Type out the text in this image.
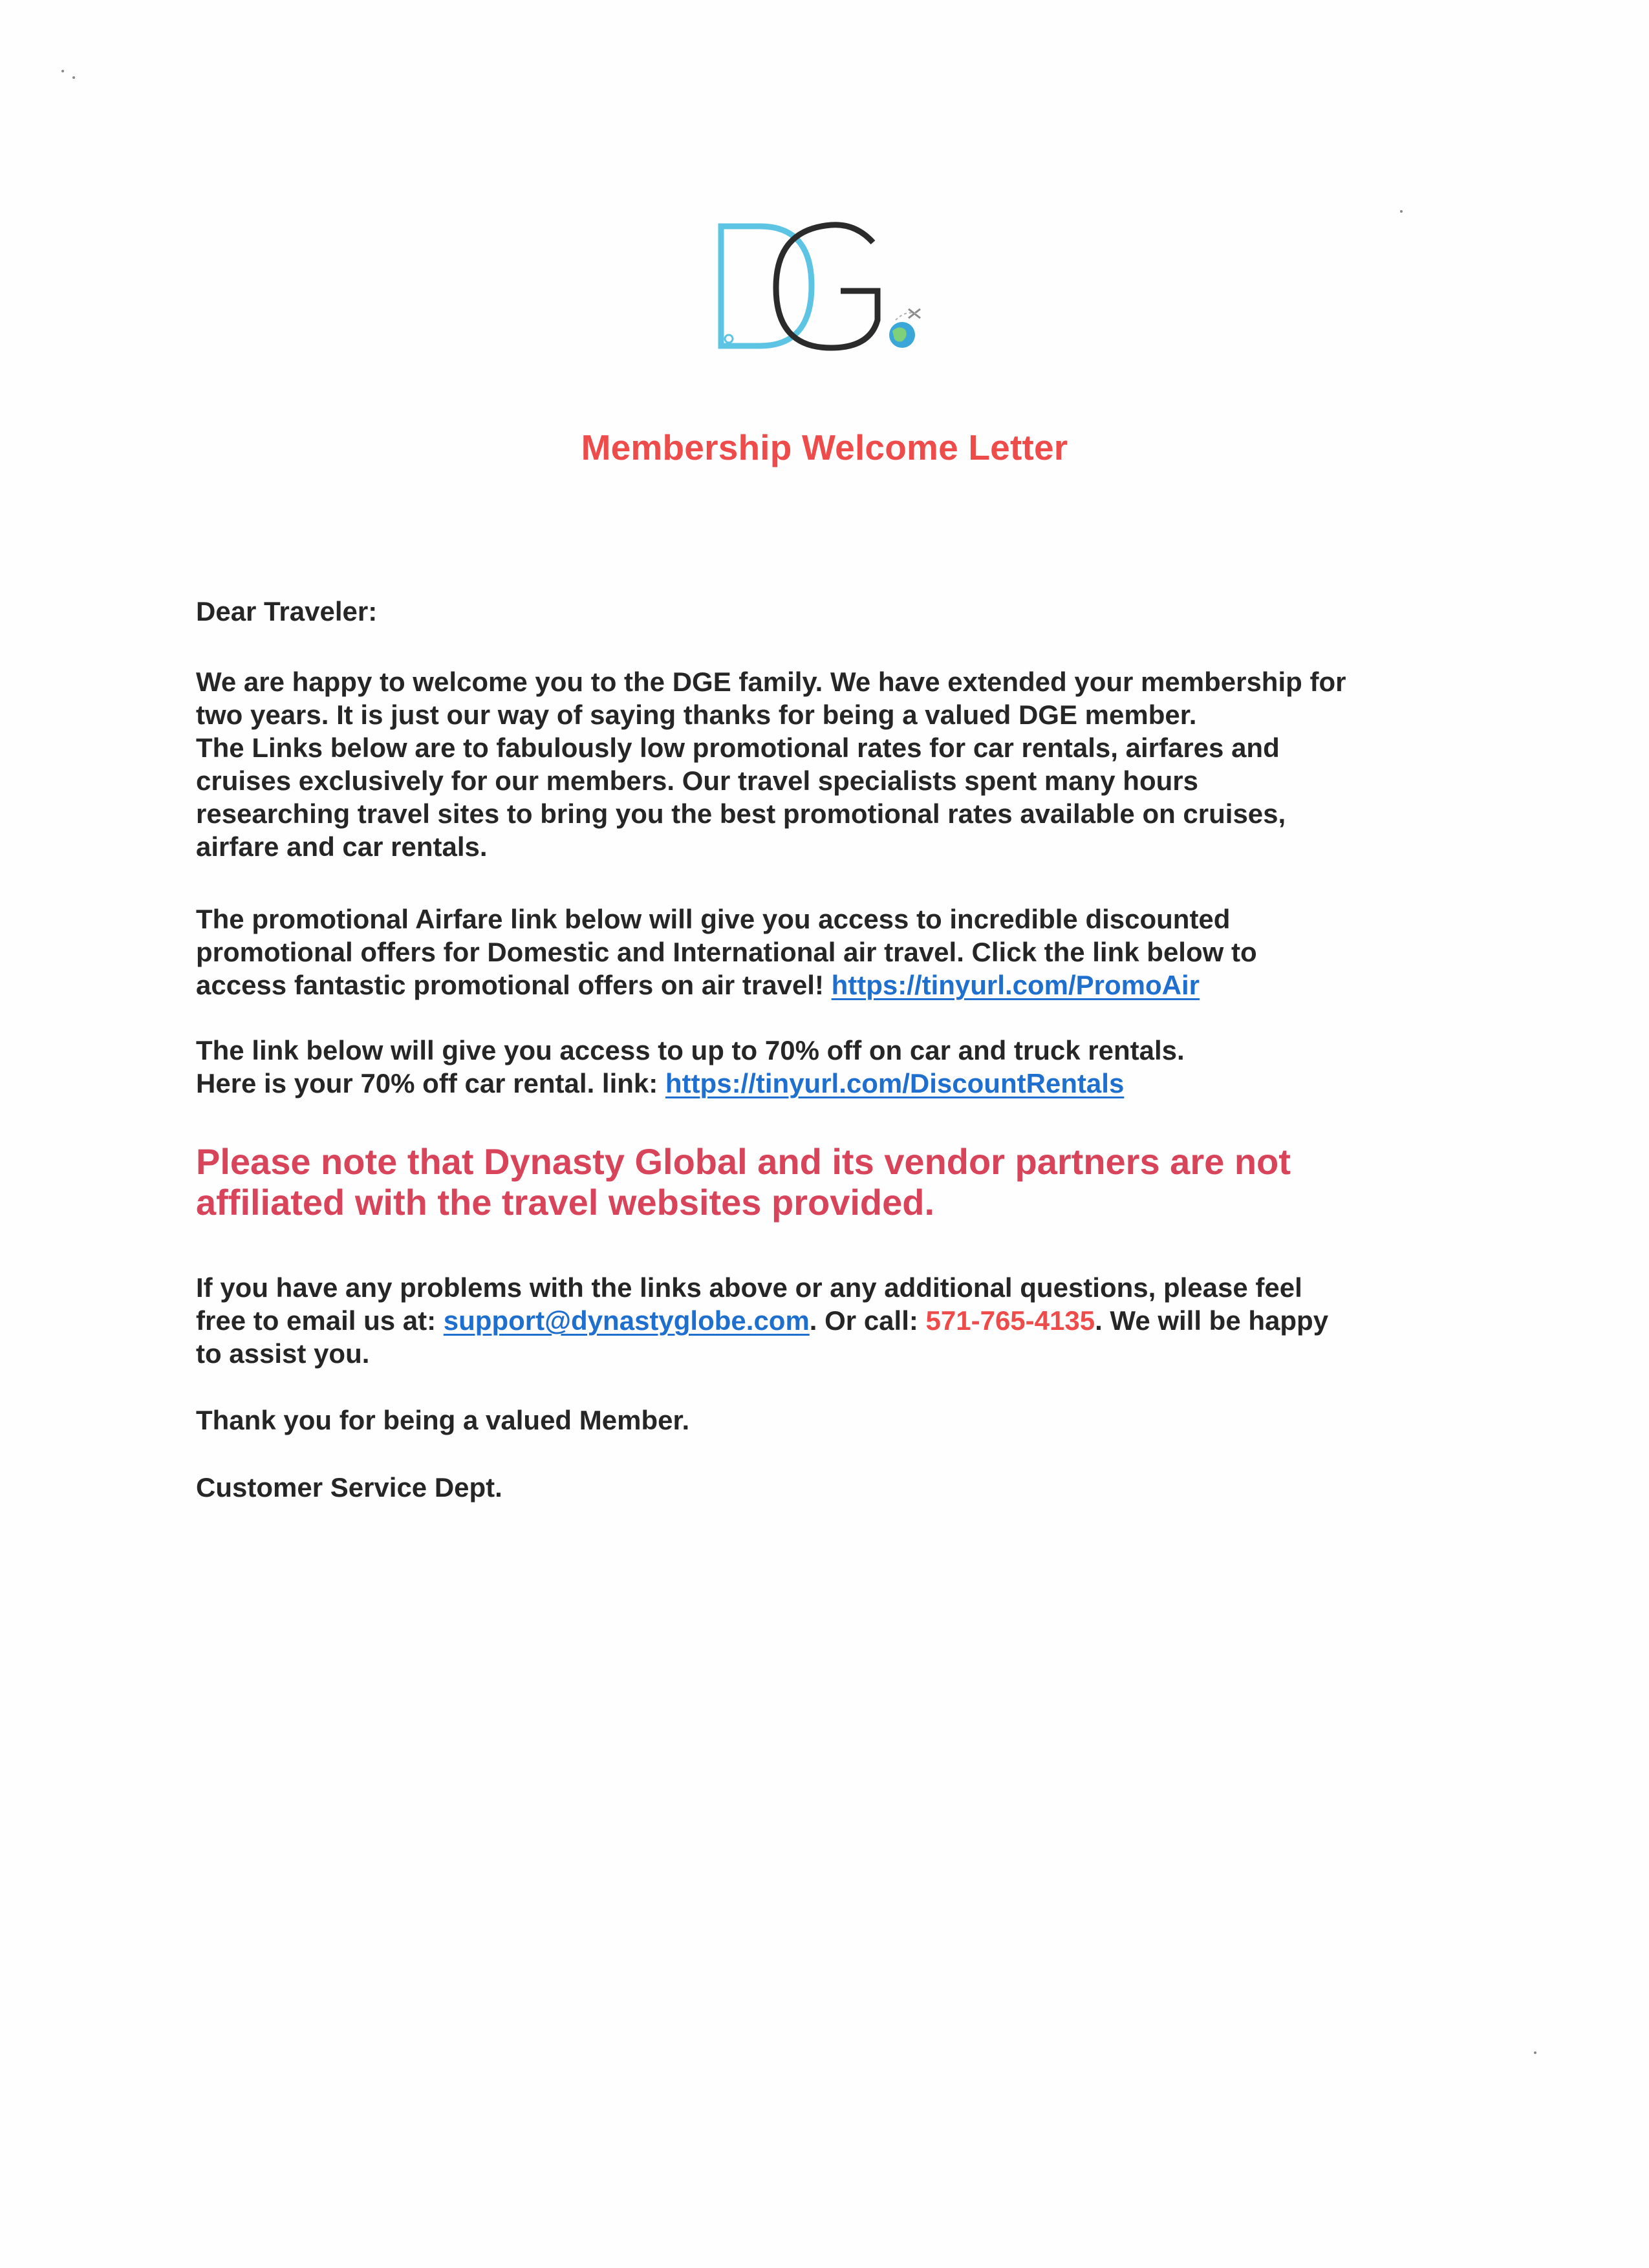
Membership Welcome Letter
Dear Traveler:
We are happy to welcome you to the DGE family. We have extended your membership for
two years. It is just our way of saying thanks for being a valued DGE member.
The Links below are to fabulously low promotional rates for car rentals, airfares and
cruises exclusively for our members. Our travel specialists spent many hours
researching travel sites to bring you the best promotional rates available on cruises,
airfare and car rentals.
The promotional Airfare link below will give you access to incredible discounted
promotional offers for Domestic and International air travel. Click the link below to
access fantastic promotional offers on air travel! https://tinyurl.com/PromoAir
The link below will give you access to up to 70% off on car and truck rentals.
Here is your 70% off car rental. link: https://tinyurl.com/DiscountRentals
Please note that Dynasty Global and its vendor partners are not
affiliated with the travel websites provided.
If you have any problems with the links above or any additional questions, please feel
free to email us at: support@dynastyglobe.com. Or call: 571-765-4135. We will be happy
to assist you.
Thank you for being a valued Member.
Customer Service Dept.
